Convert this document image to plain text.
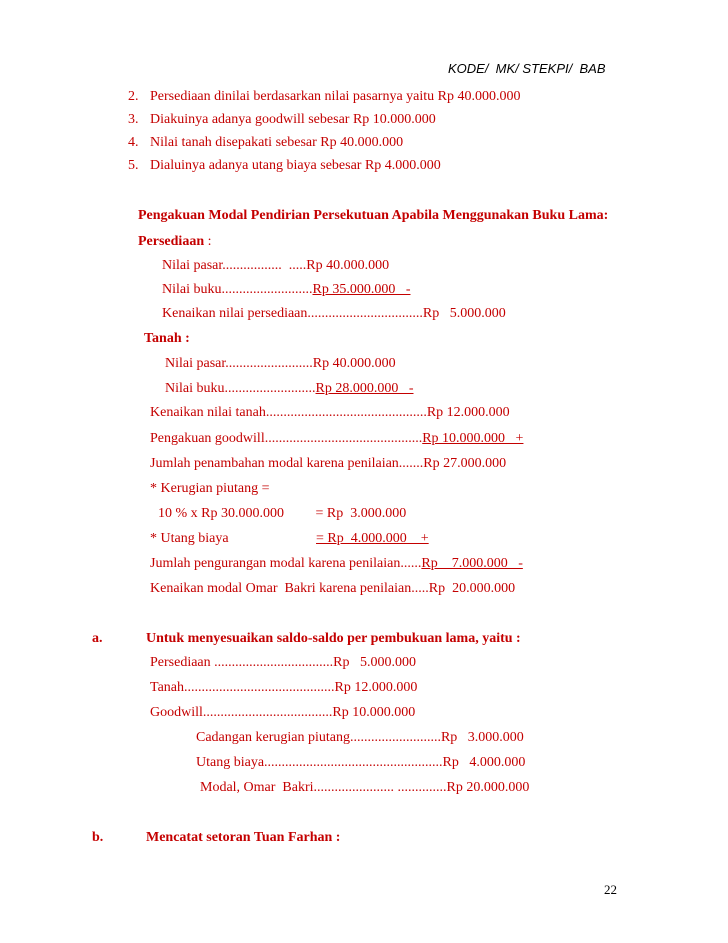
KODE/  MK/ STEKPI/  BAB
2. Persediaan dinilai berdasarkan nilai pasarnya yaitu Rp 40.000.000
3. Diakuinya adanya goodwill sebesar Rp 10.000.000
4. Nilai tanah disepakati sebesar Rp 40.000.000
5. Dialuinya adanya utang biaya sebesar Rp 4.000.000
Pengakuan Modal Pendirian Persekutuan Apabila Menggunakan Buku Lama:
Persediaan :
Nilai pasar.................  .....Rp 40.000.000
Nilai buku..........................Rp 35.000.000   -
Kenaikan nilai persediaan.................................Rp   5.000.000
Tanah :
Nilai pasar.........................Rp 40.000.000
Nilai buku..........................Rp 28.000.000   -
Kenaikan nilai tanah..............................................Rp 12.000.000
Pengakuan goodwill.............................................Rp 10.000.000   +
Jumlah penambahan modal karena penilaian.......Rp 27.000.000
* Kerugian piutang =
10 % x Rp 30.000.000         = Rp  3.000.000
* Utang biaya                         = Rp  4.000.000    +
Jumlah pengurangan modal karena penilaian......Rp    7.000.000   -
Kenaikan modal Omar  Bakri karena penilaian.....Rp  20.000.000
a.	Untuk menyesuaikan saldo-saldo per pembukuan lama, yaitu :
Persediaan ..................................Rp   5.000.000
Tanah...........................................Rp 12.000.000
Goodwill.....................................Rp 10.000.000
Cadangan kerugian piutang..........................Rp   3.000.000
Utang biaya...................................................Rp   4.000.000
Modal, Omar  Bakri....................... ..............Rp 20.000.000
b.	Mencatat setoran Tuan Farhan :
22
